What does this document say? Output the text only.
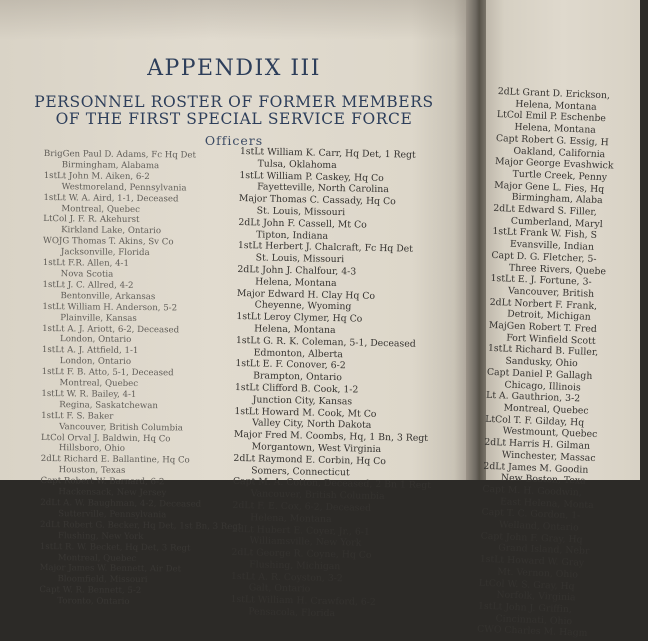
APPENDIX III
PERSONNEL ROSTER OF FORMER MEMBERS
OF THE FIRST SPECIAL SERVICE FORCE
Officers
BrigGen Paul D. Adams, Fc Hq Det
Birmingham, Alabama
1stLt John M. Aiken, 6-2
Westmoreland, Pennsylvania
1stLt W. A. Aird, 1-1, Deceased
Montreal, Quebec
LtCol J. F. R. Akehurst
Kirkland Lake, Ontario
WOJG Thomas T. Akins, Sv Co
Jacksonville, Florida
1stLt F.R. Allen, 4-1
Nova Scotia
1stLt J. C. Allred, 4-2
Bentonville, Arkansas
1stLt William H. Anderson, 5-2
Plainville, Kansas
1stLt A. J. Ariott, 6-2, Deceased
London, Ontario
1stLt A. J. Attfield, 1-1
London, Ontario
1stLt F. B. Atto, 5-1, Deceased
Montreal, Quebec
1stLt W. R. Bailey, 4-1
Regina, Saskatchewan
1stLt F. S. Baker
Vancouver, British Columbia
LtCol Orval J. Baldwin, Hq Co
Hillsboro, Ohio
2dLt Richard E. Ballantine, Hq Co
Houston, Texas
Capt Robert W. Barnard, 6-2
Hackensack, New Jersey
2dLt A. W. Baughman, 4-2, Deceased
Sutterville, Pennsylvania
2dLt Robert G. Becker, Hq Det, 1st Bn, 3 Regt
Flushing, New York
1stLt R. W. Becket, Hq Det, 3 Regt
Montreal, Quebec
Major James W. Bennett, Air Det
Bloomfield, Missouri
Capt W. R. Bennett, 5-2
Toronto, Ontario
1stLt William K. Carr, Hq Det, 1 Regt
Tulsa, Oklahoma
1stLt William P. Caskey, Hq Co
Fayetteville, North Carolina
Major Thomas C. Cassady, Hq Co
St. Louis, Missouri
2dLt John F. Cassell, Mt Co
Tipton, Indiana
1stLt Herbert J. Chalcraft, Fc Hq Det
St. Louis, Missouri
2dLt John J. Chalfour, 4-3
Helena, Montana
Major Edward H. Clay Hq Co
Cheyenne, Wyoming
1stLt Leroy Clymer, Hq Co
Helena, Montana
1stLt G. R. K. Coleman, 5-1, Deceased
Edmonton, Alberta
1stLt E. F. Conover, 6-2
Brampton, Ontario
1stLt Clifford B. Cook, 1-2
Junction City, Kansas
1stLt Howard M. Cook, Mt Co
Valley City, North Dakota
Major Fred M. Coombs, Hq, 1 Bn, 3 Regt
Morgantown, West Virginia
2dLt Raymond E. Corbin, Hq Co
Somers, Connecticut
Capt M. A. Cotton, Deceased, 2 Bn 1 Regt
Vancouver, British Columbia
2dLt F. E. Cox, 6-2, Deceased
Helena, Montana
2dLt Hubert E. Coyer, Jr., 6-1
Williamsville, New York
2dLt George R. Coyne, Hq Co
Flushing, Michigan
1stLt A. R. Coyston, 3-2
Galt, Ontario
1stLt William H. Crawford, 6-2
Pensacola, Florida
2dLt Grant D. Erickson,
Helena, Montana
LtCol Emil P. Eschenbe
Helena, Montana
Capt Robert G. Essig, H
Oakland, California
Major George Evashwick
Turtle Creek, Penny
Major Gene L. Fies, Hq
Birmingham, Alaba
2dLt Edward S. Filler,
Cumberland, Maryl
1stLt Frank W. Fish, S
Evansville, Indian
Capt D. G. Fletcher, 5-
Three Rivers, Quebe
1stLt E. J. Fortune, 3-
Vancouver, British
2dLt Norbert F. Frank,
Detroit, Michigan
MajGen Robert T. Fred
Fort Winfield Scott
1stLt Richard B. Fuller,
Sandusky, Ohio
Capt Daniel P. Gallagh
Chicago, Illinois
Lt A. Gauthrion, 3-2
Montreal, Quebec
LtCol T. F. Gilday, Hq
Westmount, Quebec
2dLt Harris H. Gilman
Winchester, Massac
2dLt James M. Goodin
New Boston, Texa
Capt M. H. Goodwin,
East Helena, Monta
Capt T. C. Gordon, 1-
Welland, Ontario
Capt John F. Gray, Hq
Grand Island, Nebr
1stLt Howard W. Gray
Mt. Vernon, Ohio
LtCol W. S. Gray, Hq
Norfolk, Virginia
1stLt John J. Griffin,
Cincinnati, Ohio
CWO Charles M. Hagm
